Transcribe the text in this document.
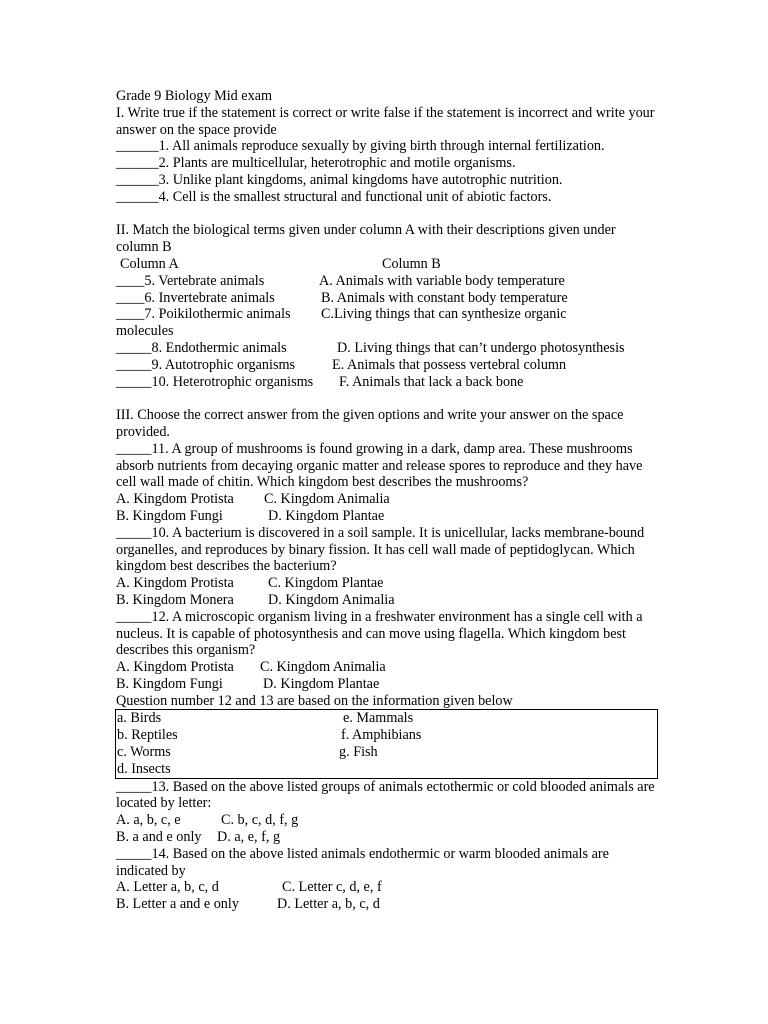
Grade 9 Biology Mid exam

I. Write true if the statement is correct or write false if the statement is incorrect and write your answer on the space provide

______1. All animals reproduce sexually by giving birth through internal fertilization.

______2. Plants are multicellular, heterotrophic and motile organisms.

______3. Unlike plant kingdoms, animal kingdoms have autotrophic nutrition.

______4. Cell is the smallest structural and functional unit of abiotic factors.

II. Match the biological terms given under column A with their descriptions given under column B

Column A	Column B
____5. Vertebrate animals	A. Animals with variable body temperature
____6. Invertebrate animals	B. Animals with constant body temperature
____7. Poikilothermic animals C.Living things that can synthesize organic
molecules
_____8. Endothermic animals	D. Living things that can’t undergo photosynthesis
_____9. Autotrophic organisms	E. Animals that possess vertebral column
_____10. Heterotrophic organisms F. Animals that lack a back bone

III. Choose the correct answer from the given options and write your answer on the space provided.

_____11. A group of mushrooms is found growing in a dark, damp area. These mushrooms absorb nutrients from decaying organic matter and release spores to reproduce and they have cell wall made of chitin. Which kingdom best describes the mushrooms?

A. Kingdom Protista C. Kingdom Animalia
B. Kingdom Fungi	D. Kingdom Plantae

_____10. A bacterium is discovered in a soil sample. It is unicellular, lacks membrane-bound organelles, and reproduces by binary fission. It has cell wall made of peptidoglycan. Which kingdom best describes the bacterium?

A. Kingdom Protista C. Kingdom Plantae
B. Kingdom Monera D. Kingdom Animalia

_____12. A microscopic organism living in a freshwater environment has a single cell with a nucleus. It is capable of photosynthesis and can move using flagella. Which kingdom best describes this organism?

A. Kingdom Protista C. Kingdom Animalia
B. Kingdom Fungi	D. Kingdom Plantae

Question number 12 and 13 are based on the information given below

a. Birds	e. Mammals
b. Reptiles	f. Amphibians
c. Worms	g. Fish
d. Insects

_____13. Based on the above listed groups of animals ectothermic or cold blooded animals are located by letter:

A. a, b, c, e	C. b, c, d, f, g
B. a and e only D. a, e, f, g

_____14. Based on the above listed animals endothermic or warm blooded animals are indicated by

A. Letter a, b, c, d	C. Letter c, d, e, f
B. Letter a and e only	D. Letter a, b, c, d
